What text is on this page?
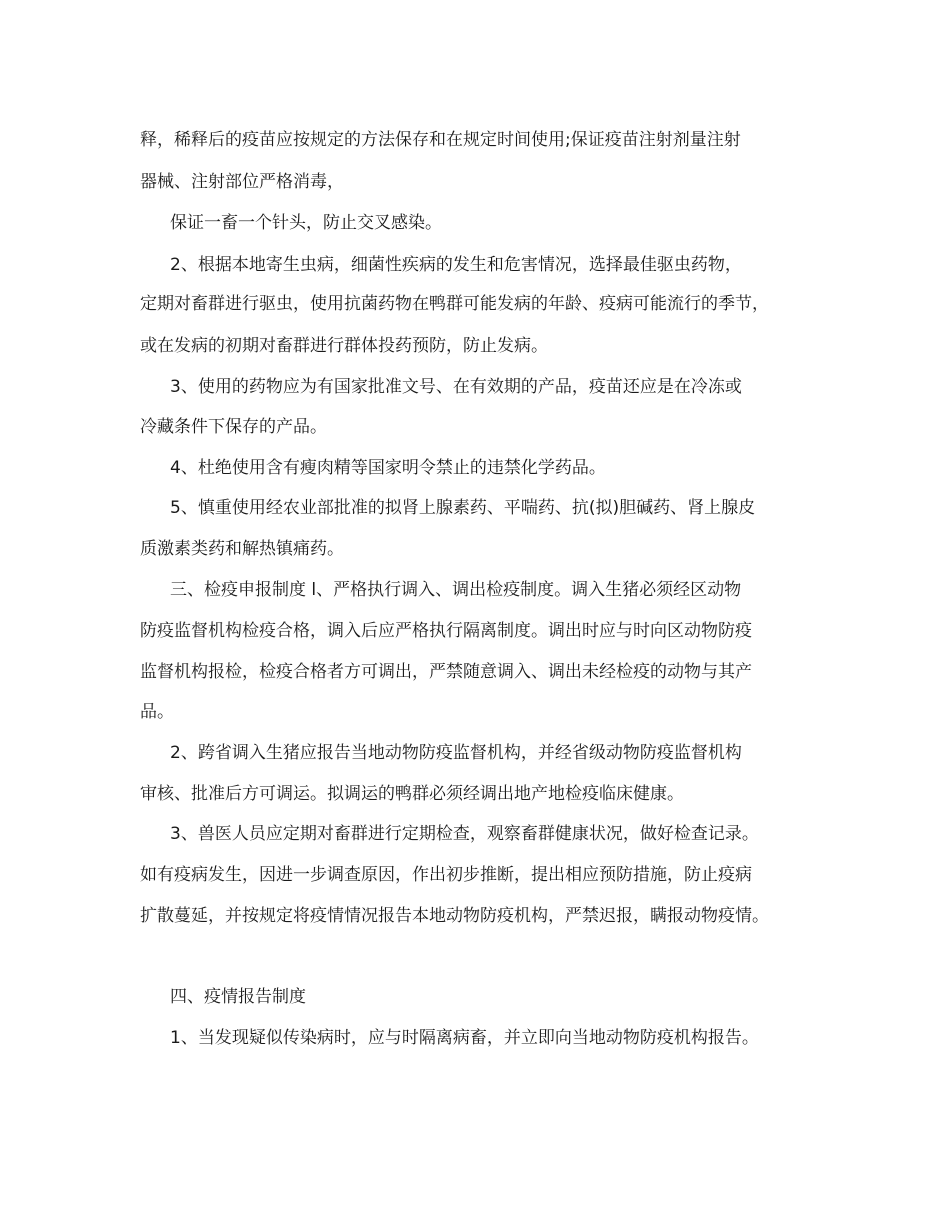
释，稀释后的疫苗应按规定的方法保存和在规定时间使用;保证疫苗注射剂量注射
器械、注射部位严格消毒，
保证一畜一个针头，防止交叉感染。
2、根据本地寄生虫病，细菌性疾病的发生和危害情况，选择最佳驱虫药物，
定期对畜群进行驱虫，使用抗菌药物在鸭群可能发病的年龄、疫病可能流行的季节，
或在发病的初期对畜群进行群体投药预防，防止发病。
3、使用的药物应为有国家批准文号、在有效期的产品，疫苗还应是在冷冻或
冷藏条件下保存的产品。
4、杜绝使用含有瘦肉精等国家明令禁止的违禁化学药品。
5、慎重使用经农业部批准的拟肾上腺素药、平喘药、抗(拟)胆碱药、肾上腺皮
质激素类药和解热镇痛药。
三、检疫申报制度 l、严格执行调入、调出检疫制度。调入生猪必须经区动物
防疫监督机构检疫合格，调入后应严格执行隔离制度。调出时应与时向区动物防疫
监督机构报检，检疫合格者方可调出，严禁随意调入、调出未经检疫的动物与其产
品。
2、跨省调入生猪应报告当地动物防疫监督机构，并经省级动物防疫监督机构
审核、批准后方可调运。拟调运的鸭群必须经调出地产地检疫临床健康。
3、兽医人员应定期对畜群进行定期检查，观察畜群健康状况，做好检查记录。
如有疫病发生，因进一步调查原因，作出初步推断，提出相应预防措施，防止疫病
扩散蔓延，并按规定将疫情情况报告本地动物防疫机构，严禁迟报，瞒报动物疫情。
四、疫情报告制度
1、当发现疑似传染病时，应与时隔离病畜，并立即向当地动物防疫机构报告。
